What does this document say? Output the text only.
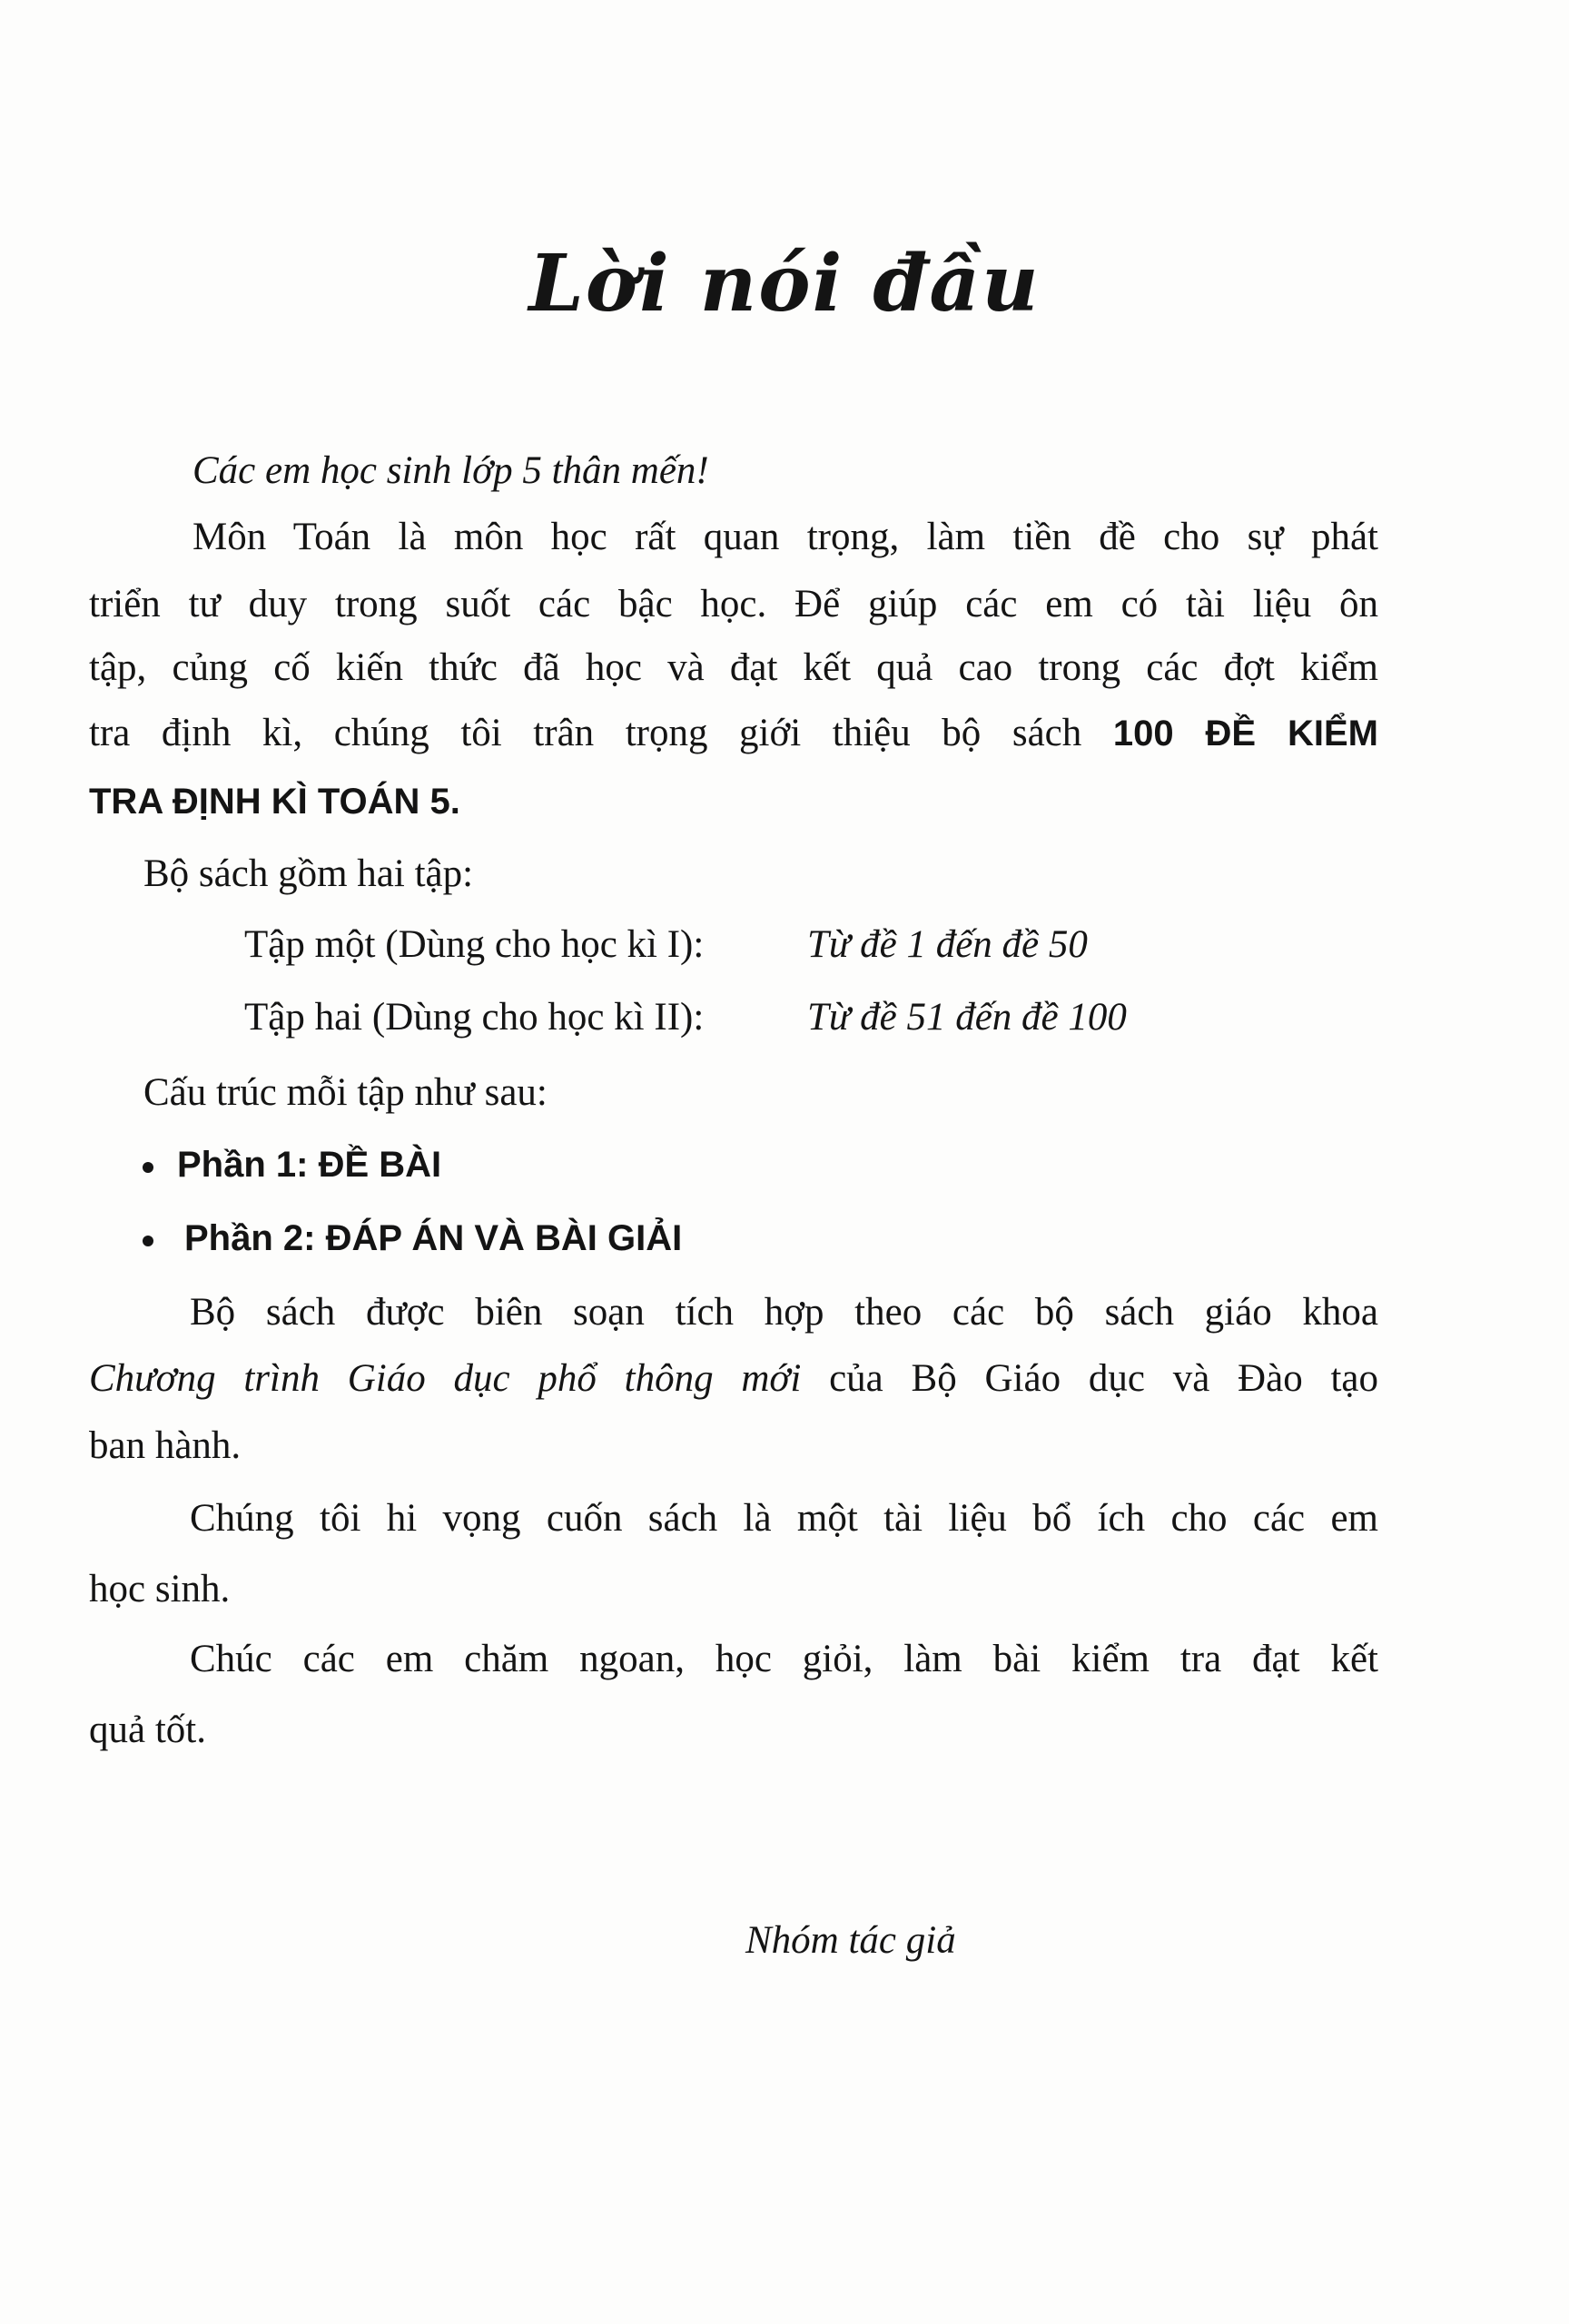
Lời nói đầu
Các em học sinh lớp 5 thân mến!
Môn Toán là môn học rất quan trọng, làm tiền đề cho sự phát
triển tư duy trong suốt các bậc học. Để giúp các em có tài liệu ôn
tập, củng cố kiến thức đã học và đạt kết quả cao trong các đợt kiểm
tra định kì, chúng tôi trân trọng giới thiệu bộ sách 100 ĐỀ KIỂM
TRA ĐỊNH KÌ TOÁN 5.
Bộ sách gồm hai tập:
Tập một (Dùng cho học kì I):	Từ đề 1 đến đề 50
Tập hai (Dùng cho học kì II):	Từ đề 51 đến đề 100
Cấu trúc mỗi tập như sau:
Phần 1: ĐỀ BÀI
Phần 2: ĐÁP ÁN VÀ BÀI GIẢI
Bộ sách được biên soạn tích hợp theo các bộ sách giáo khoa
Chương trình Giáo dục phổ thông mới của Bộ Giáo dục và Đào tạo
ban hành.
Chúng tôi hi vọng cuốn sách là một tài liệu bổ ích cho các em
học sinh.
Chúc các em chăm ngoan, học giỏi, làm bài kiểm tra đạt kết
quả tốt.
Nhóm tác giả
